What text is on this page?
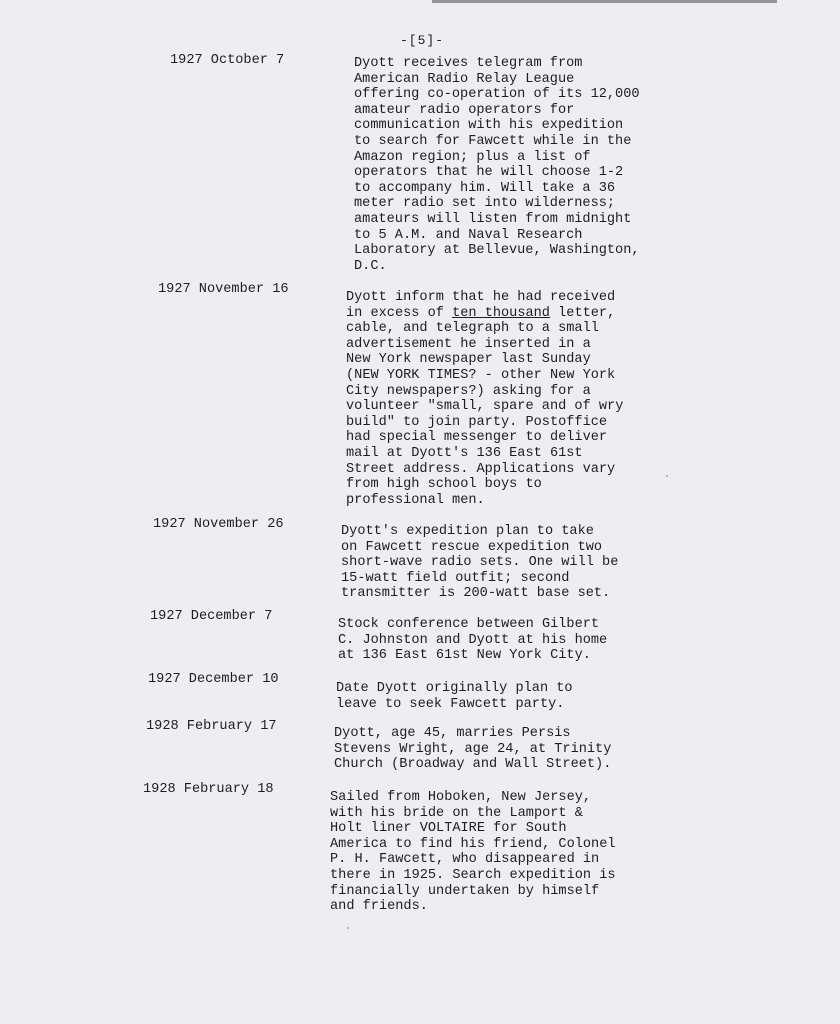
-[5]-
1927 October 7	Dyott receives telegram from
American Radio Relay League
offering co-operation of its 12,000
amateur radio operators for
communication with his expedition
to search for Fawcett while in the
Amazon region; plus a list of
operators that he will choose 1-2
to accompany him. Will take a 36
meter radio set into wilderness;
amateurs will listen from midnight
to 5 A.M. and Naval Research
Laboratory at Bellevue, Washington,
D.C.
1927 November 16
Dyott inform that he had received
in excess of ten thousand letter,
cable, and telegraph to a small
advertisement he inserted in a
New York newspaper last Sunday
(NEW YORK TIMES? - other New York
City newspapers?) asking for a
volunteer "small, spare and of wry
build" to join party. Postoffice
had special messenger to deliver
mail at Dyott's 136 East 61st
Street address. Applications vary
from high school boys to
professional men.
1927 November 26	Dyott's expedition plan to take
on Fawcett rescue expedition two
short-wave radio sets. One will be
15-watt field outfit; second
transmitter is 200-watt base set.
1927 December 7
Stock conference between Gilbert
C. Johnston and Dyott at his home
at 136 East 61st New York City.
1927 December 10
Date Dyott originally plan to
leave to seek Fawcett party.
1928 February 17	Dyott, age 45, marries Persis
Stevens Wright, age 24, at Trinity
Church (Broadway and Wall Street).
1928 February 18
Sailed from Hoboken, New Jersey,
with his bride on the Lamport &
Holt liner VOLTAIRE for South
America to find his friend, Colonel
P. H. Fawcett, who disappeared in
there in 1925. Search expedition is
financially undertaken by himself
and friends.
